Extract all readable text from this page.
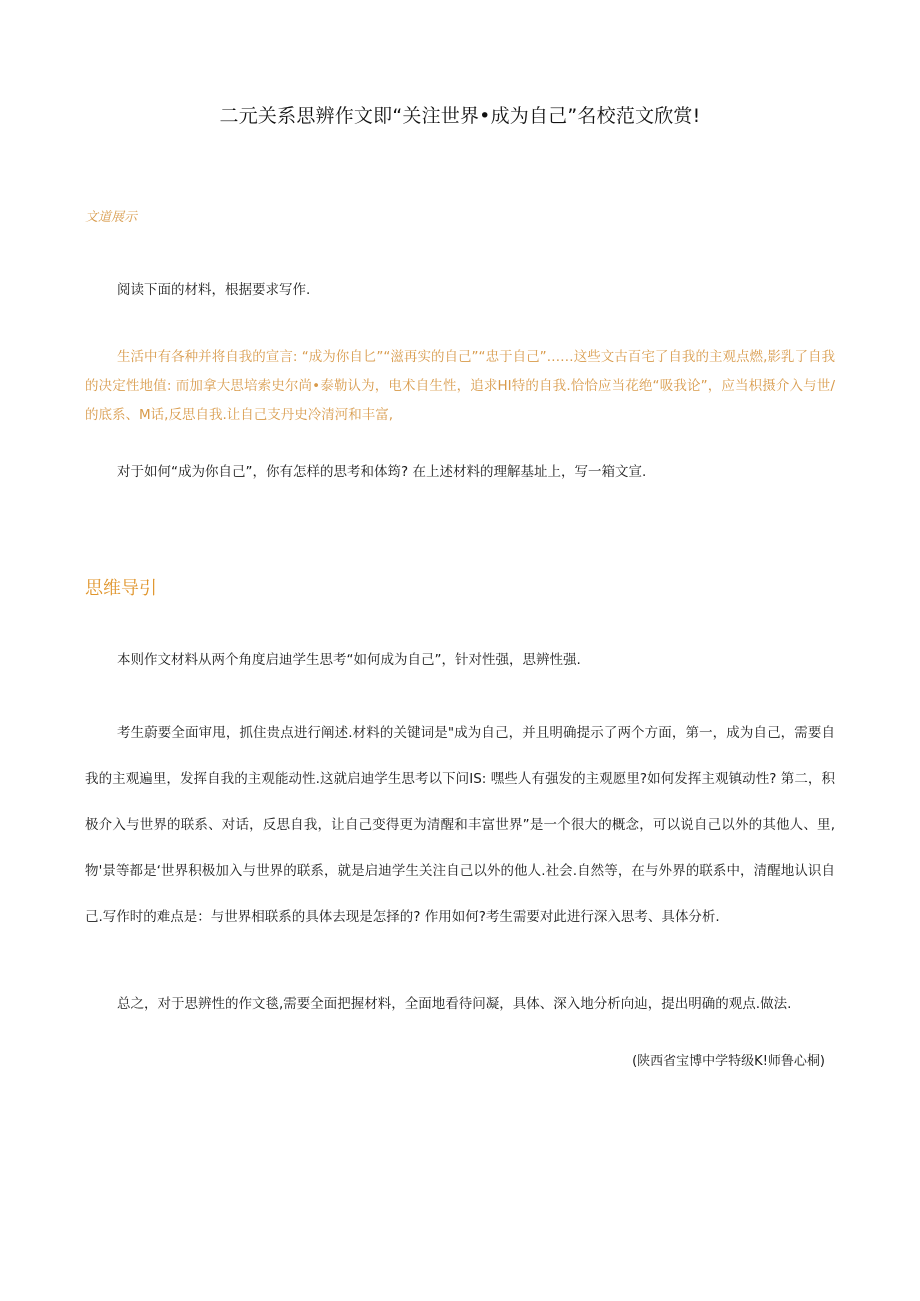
二元关系思辨作文即“关注世界•成为自己”名校范文欣赏!

文道展示

阅读下面的材料，根据要求写作.

生活中有各种并将自我的宣言: “成为你自匕”“滋再实的自己”“忠于自己”……这些文古百宅了自我的主观点燃,影乳了自我的决定性地值: 而加拿大思培索史尔尚•泰勒认为，电术自生性，追求HI特的自我.恰恰应当花绝“吸我论”，应当枳摄介入与世/的底系、M话,反思自我.让自己支丹史冷清河和丰富,

对于如何“成为你自己”，你有怎样的思考和体筠? 在上述材料的理解基址上，写一箱文宣.

思维导引

本则作文材料从两个角度启迪学生思考“如何成为自己”，针对性强，思辨性强.

考生蔚要全面审甩，抓住贵点进行阐述.材料的关键词是"成为自己，并且明确提示了两个方面，第一，成为自己，需要自我的主观遍里，发挥自我的主观能动性.这就启迪学生思考以下问IS: 嘿些人有强发的主观愿里?如何发挥主观镇动性? 第二，积极介入与世界的联系、对话，反思自我，让自己变得更为清醒和丰富世界”是一个很大的概念，可以说自己以外的其他人、里,物'景等都是‘世界积极加入与世界的联系，就是启迪学生关注自己以外的他人.社会.自然等，在与外界的联系中，清醒地认识自己.写作时的难点是：与世界相联系的具体去现是怎择的? 作用如何?考生需要对此进行深入思考、具体分析.

总之，对于思辨性的作文毯,需要全面把握材料，全面地看待问凝，具体、深入地分析向辿，提出明确的观点.做法.

(陕西省宝博中学特级K!师鲁心桐)
